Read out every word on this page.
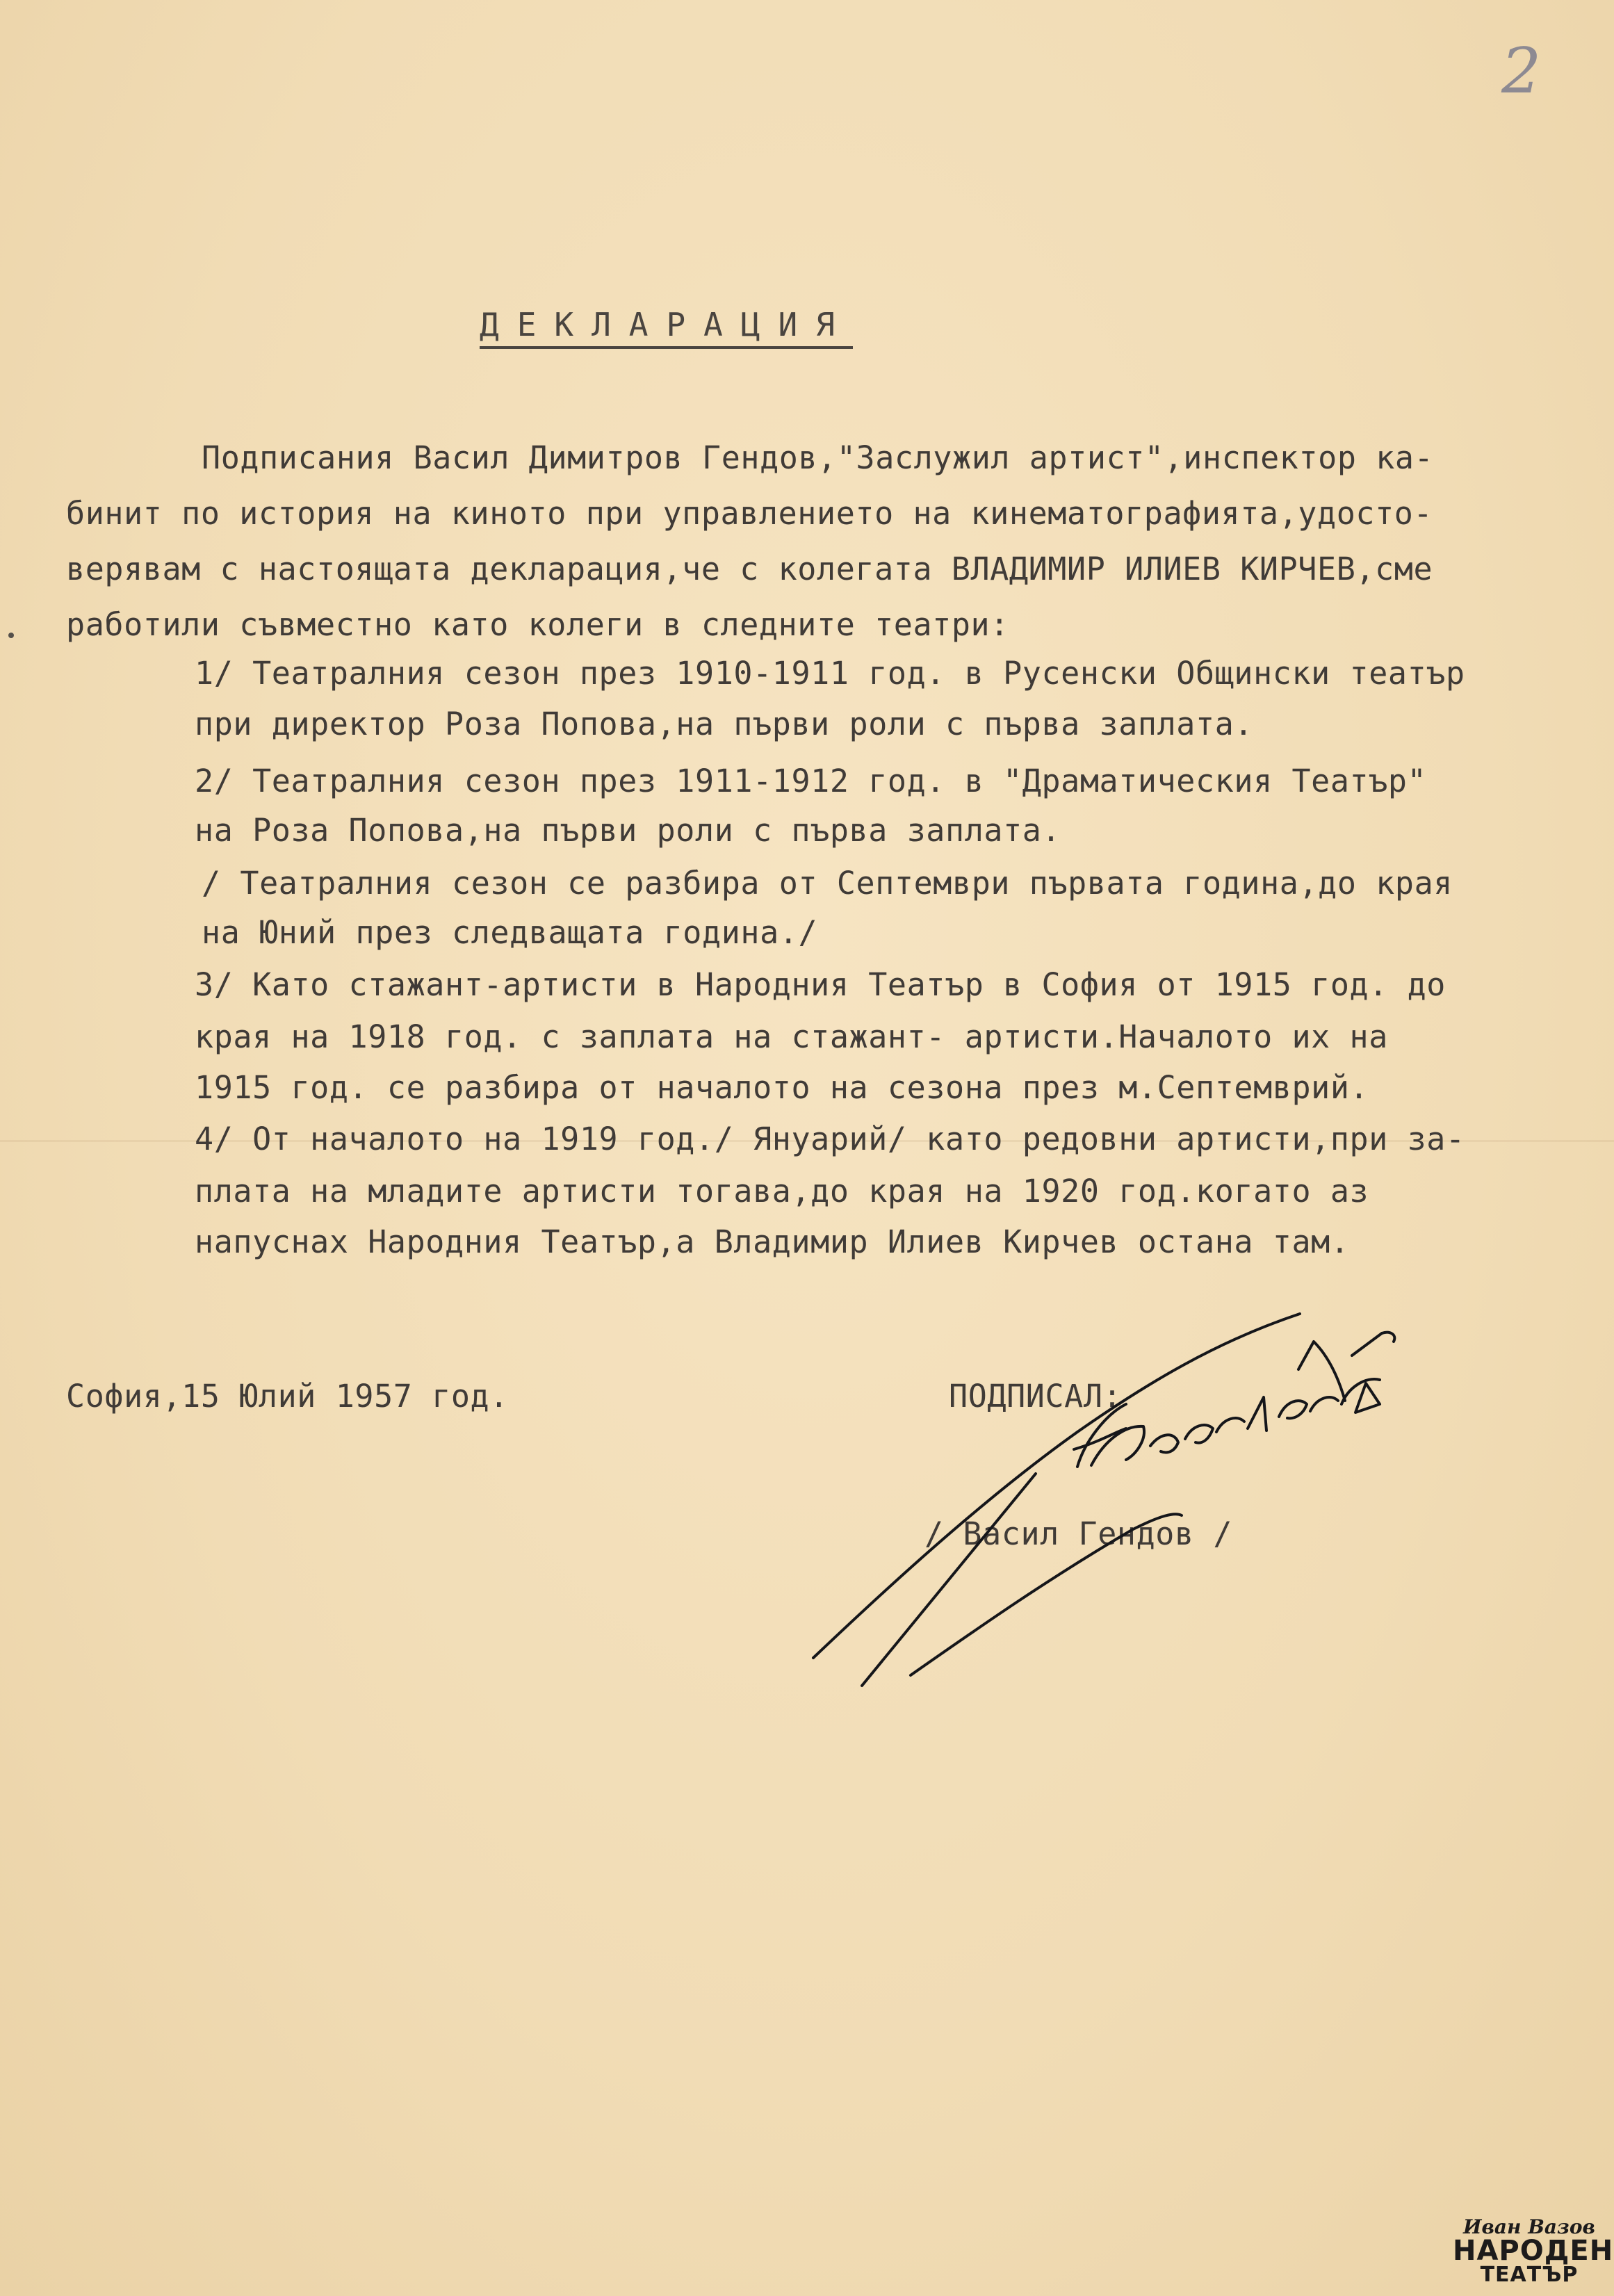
2
ДЕКЛАРАЦИЯ
Подписания Васил Димитров Гендов,"Заслужил артист",инспектор ка-
бинит по история на киното при управлението на кинематографията,удосто-
верявам с настоящата декларация,че с колегата ВЛАДИМИР ИЛИЕВ КИРЧЕВ,сме
работили съвместно като колеги в следните театри:
1/ Театралния сезон през 1910-1911 год. в Русенски Общински театър
при директор Роза Попова,на първи роли с първа заплата.
2/ Театралния сезон през 1911-1912 год. в "Драматическия Театър"
на Роза Попова,на първи роли с първа заплата.
/ Театралния сезон се разбира от Септември първата година,до края
на Юний през следващата година./
3/ Като стажант-артисти в Народния Театър в София от 1915 год. до
края на 1918 год. с заплата на стажант- артисти.Началото их на
1915 год. се разбира от началото на сезона през м.Септемврий.
4/ От началото на 1919 год./ Януарий/ като редовни артисти,при за-
плата на младите артисти тогава,до края на 1920 год.когато аз
напуснах Народния Театър,а Владимир Илиев Кирчев остана там.
София,15 Юлий 1957 год.	ПОДПИСАЛ:
/ Васил Гендов /
Иван Вазов
НАРОДЕН
ТЕАТЪР
